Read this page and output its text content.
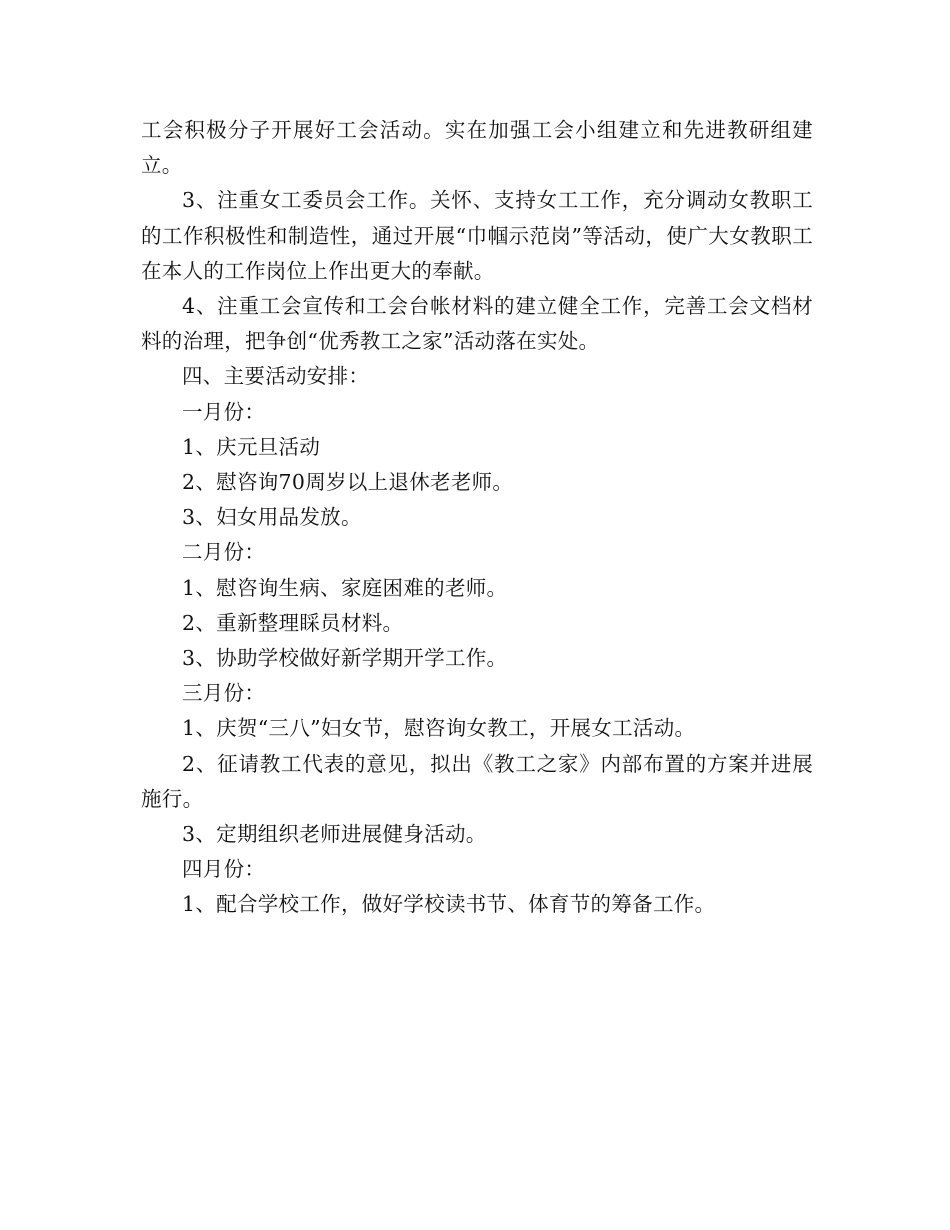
工会积极分子开展好工会活动。实在加强工会小组建立和先进教研组建立。

3、注重女工委员会工作。关怀、支持女工工作，充分调动女教职工的工作积极性和制造性，通过开展“巾帼示范岗”等活动，使广大女教职工在本人的工作岗位上作出更大的奉献。

4、注重工会宣传和工会台帐材料的建立健全工作，完善工会文档材料的治理，把争创“优秀教工之家”活动落在实处。

四、主要活动安排：

一月份：

1、庆元旦活动

2、慰咨询70周岁以上退休老老师。

3、妇女用品发放。

二月份：

1、慰咨询生病、家庭困难的老师。

2、重新整理睬员材料。

3、协助学校做好新学期开学工作。

三月份：

1、庆贺“三八”妇女节，慰咨询女教工，开展女工活动。

2、征请教工代表的意见，拟出《教工之家》内部布置的方案并进展施行。

3、定期组织老师进展健身活动。

四月份：

1、配合学校工作，做好学校读书节、体育节的筹备工作。
